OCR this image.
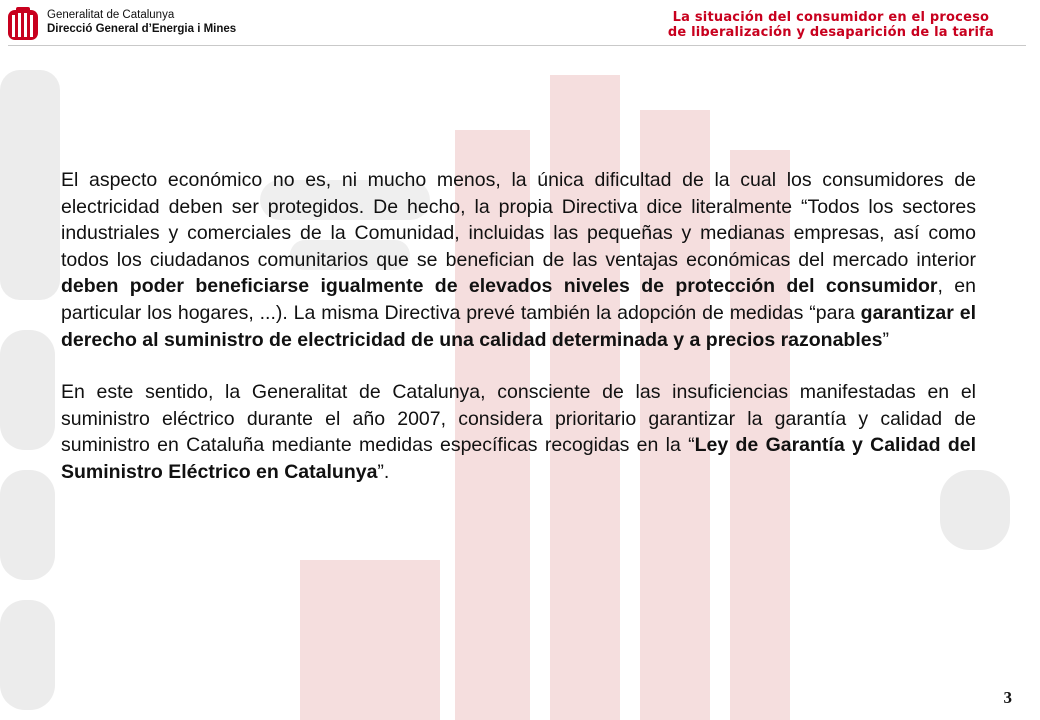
Generalitat de Catalunya
Direcció General d’Energia i Mines
La situación del consumidor en el proceso
de liberalización y desaparición de la tarifa

El aspecto económico no es, ni mucho menos, la única dificultad de la cual los consumidores de electricidad deben ser protegidos. De hecho, la propia Directiva dice literalmente “Todos los sectores industriales y comerciales de la Comunidad, incluidas las pequeñas y medianas empresas, así como todos los ciudadanos comunitarios que se benefician de las ventajas económicas del mercado interior deben poder beneficiarse igualmente de elevados niveles de protección del consumidor, en particular los hogares, ...). La misma Directiva prevé también la adopción de medidas “para garantizar el derecho al suministro de electricidad de una calidad determinada y a precios razonables”

En este sentido, la Generalitat de Catalunya, consciente de las insuficiencias manifestadas en el suministro eléctrico durante el año 2007, considera prioritario garantizar la garantía y calidad de suministro en Cataluña mediante medidas específicas recogidas en la “Ley de Garantía y Calidad del Suministro Eléctrico en Catalunya”.

3
